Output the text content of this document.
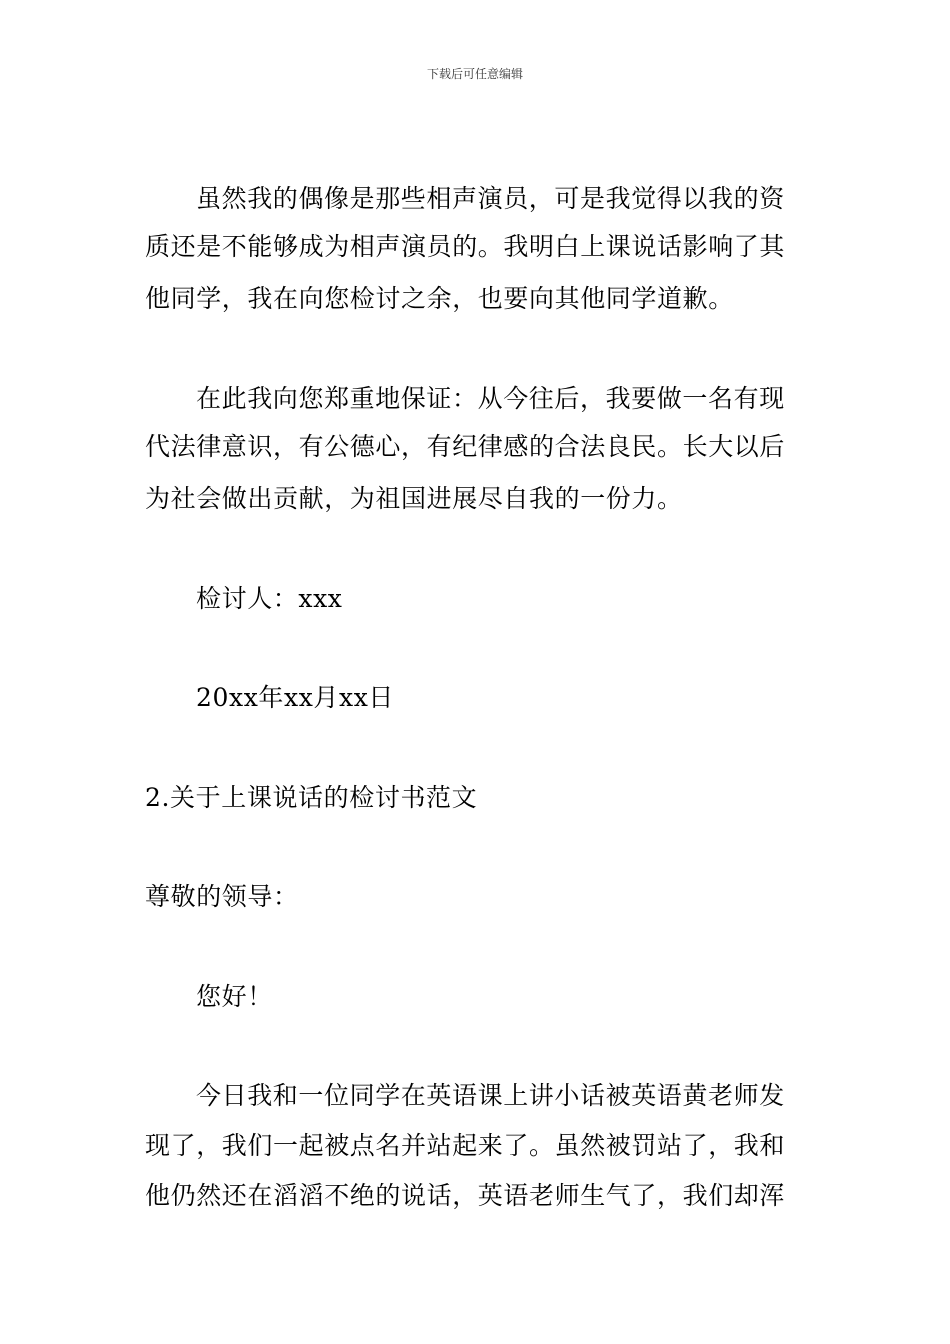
下载后可任意编辑
虽然我的偶像是那些相声演员，可是我觉得以我的资
质还是不能够成为相声演员的。我明白上课说话影响了其
他同学，我在向您检讨之余，也要向其他同学道歉。
在此我向您郑重地保证：从今往后，我要做一名有现
代法律意识，有公德心，有纪律感的合法良民。长大以后
为社会做出贡献，为祖国进展尽自我的一份力。
检讨人：xxx
20xx年xx月xx日
2.关于上课说话的检讨书范文
尊敬的领导：
您好！
今日我和一位同学在英语课上讲小话被英语黄老师发
现了，我们一起被点名并站起来了。虽然被罚站了，我和
他仍然还在滔滔不绝的说话，英语老师生气了，我们却浑
